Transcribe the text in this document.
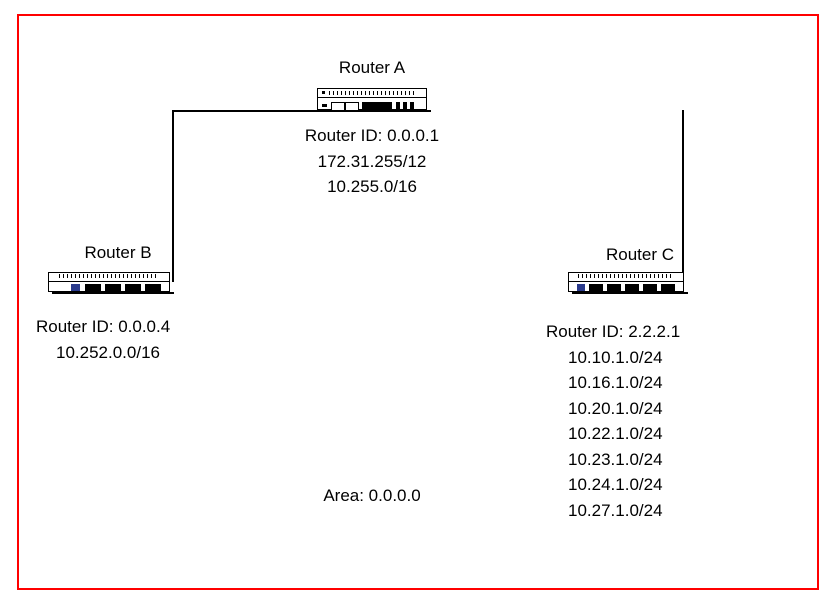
Router A
Router ID: 0.0.0.1
172.31.255/12
10.255.0/16
Router B
Router ID: 0.0.0.4
10.252.0.0/16
Router C
Router ID: 2.2.2.1
10.10.1.0/24
10.16.1.0/24
10.20.1.0/24
10.22.1.0/24
10.23.1.0/24
10.24.1.0/24
10.27.1.0/24
Area: 0.0.0.0
